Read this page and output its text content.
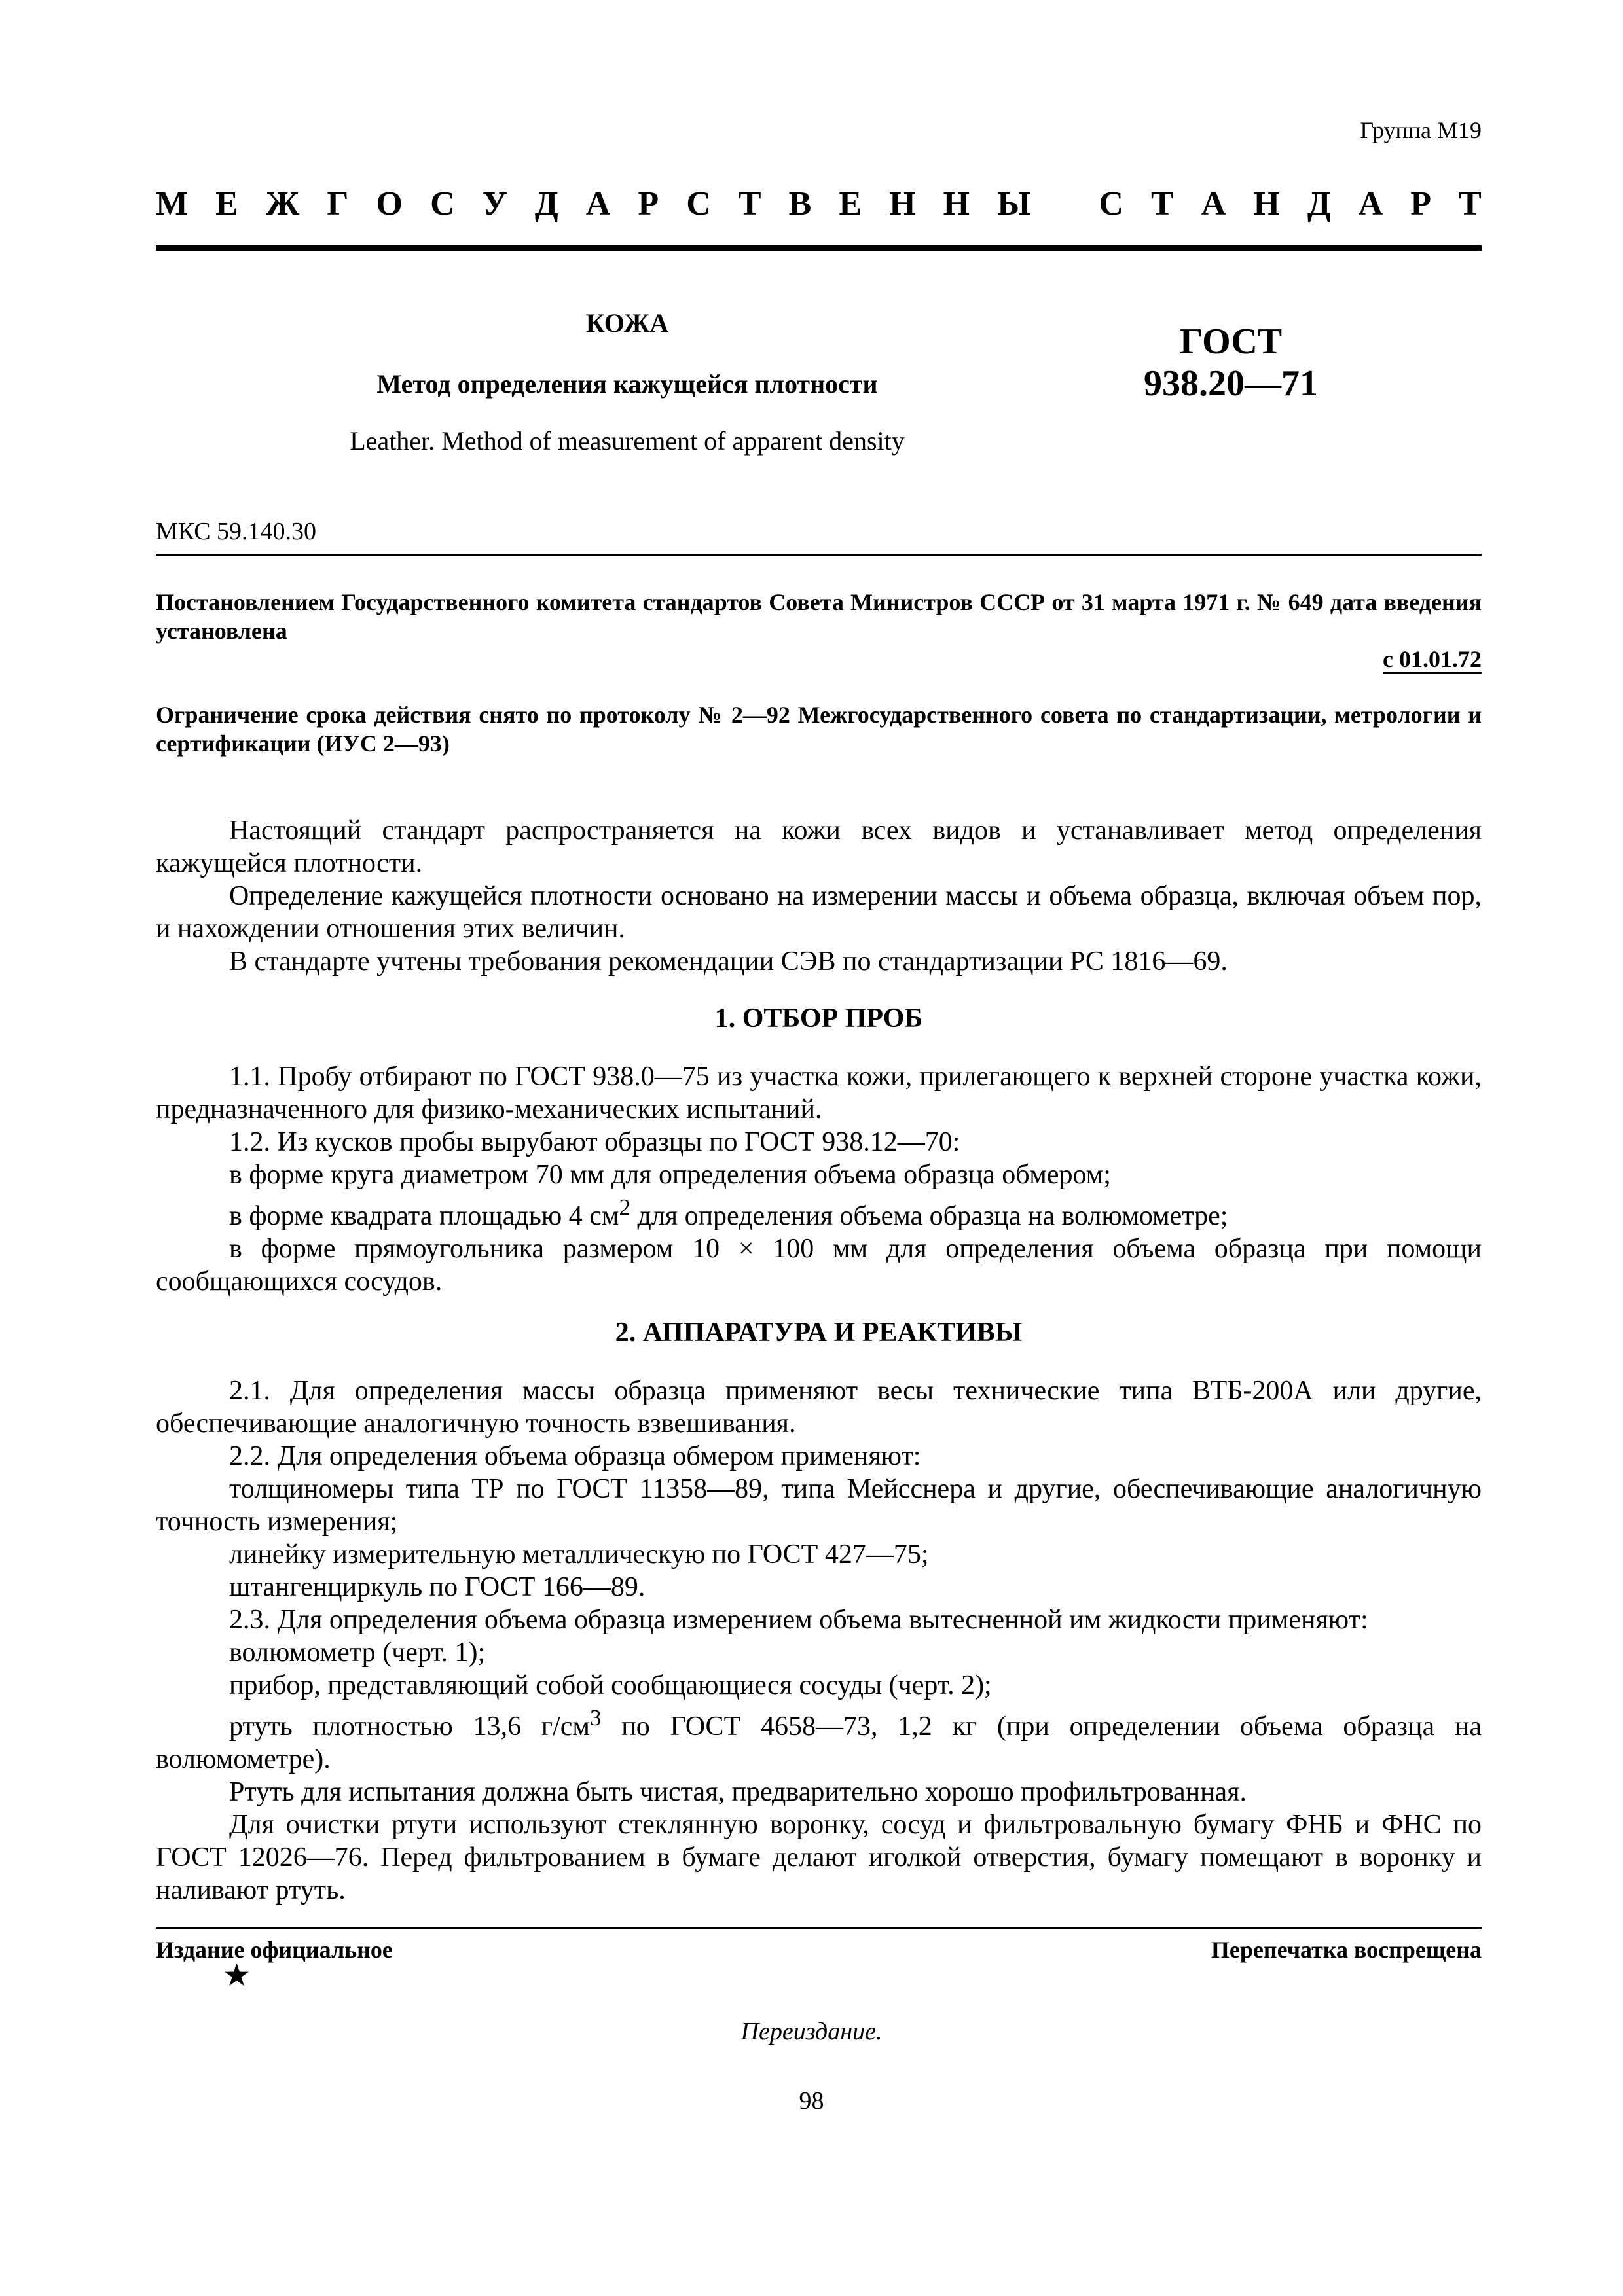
Группа М19
М Е Ж Г О С У Д А Р С Т В Е Н Н Ы С Т А Н Д А Р Т
КОЖА
Метод определения кажущейся плотности
Leather. Method of measurement of apparent density
ГОСТ
938.20—71
МКС 59.140.30
Постановлением Государственного комитета стандартов Совета Министров СССР от 31 марта 1971 г. № 649 дата введения установлена
с 01.01.72
Ограничение срока действия снято по протоколу № 2—92 Межгосударственного совета по стандартизации, метрологии и сертификации (ИУС 2—93)

Настоящий стандарт распространяется на кожи всех видов и устанавливает метод определения кажущейся плотности.

Определение кажущейся плотности основано на измерении массы и объема образца, включая объем пор, и нахождении отношения этих величин.

В стандарте учтены требования рекомендации СЭВ по стандартизации РС 1816—69.

1. ОТБОР ПРОБ

1.1. Пробу отбирают по ГОСТ 938.0—75 из участка кожи, прилегающего к верхней стороне участка кожи, предназначенного для физико-механических испытаний.

1.2. Из кусков пробы вырубают образцы по ГОСТ 938.12—70:

в форме круга диаметром 70 мм для определения объема образца обмером;

в форме квадрата площадью 4 $см^2$ для определения объема образца на волюмометре;

в форме прямоугольника размером 10 × 100 мм для определения объема образца при помощи сообщающихся сосудов.

2. АППАРАТУРА И РЕАКТИВЫ

2.1. Для определения массы образца применяют весы технические типа ВТБ-200А или другие, обеспечивающие аналогичную точность взвешивания.

2.2. Для определения объема образца обмером применяют:

толщиномеры типа ТР по ГОСТ 11358—89, типа Мейсснера и другие, обеспечивающие аналогичную точность измерения;

линейку измерительную металлическую по ГОСТ 427—75;

штангенциркуль по ГОСТ 166—89.

2.3. Для определения объема образца измерением объема вытесненной им жидкости применяют:

волюмометр (черт. 1);

прибор, представляющий собой сообщающиеся сосуды (черт. 2);

ртуть плотностью 13,6 $г/см^3$ по ГОСТ 4658—73, 1,2 кг (при определении объема образца на волюмометре).

Ртуть для испытания должна быть чистая, предварительно хорошо профильтрованная.

Для очистки ртути используют стеклянную воронку, сосуд и фильтровальную бумагу ФНБ и ФНС по ГОСТ 12026—76. Перед фильтрованием в бумаге делают иголкой отверстия, бумагу помещают в воронку и наливают ртуть.

Издание официальное	Перепечатка воспрещена
★
Переиздание.
98
